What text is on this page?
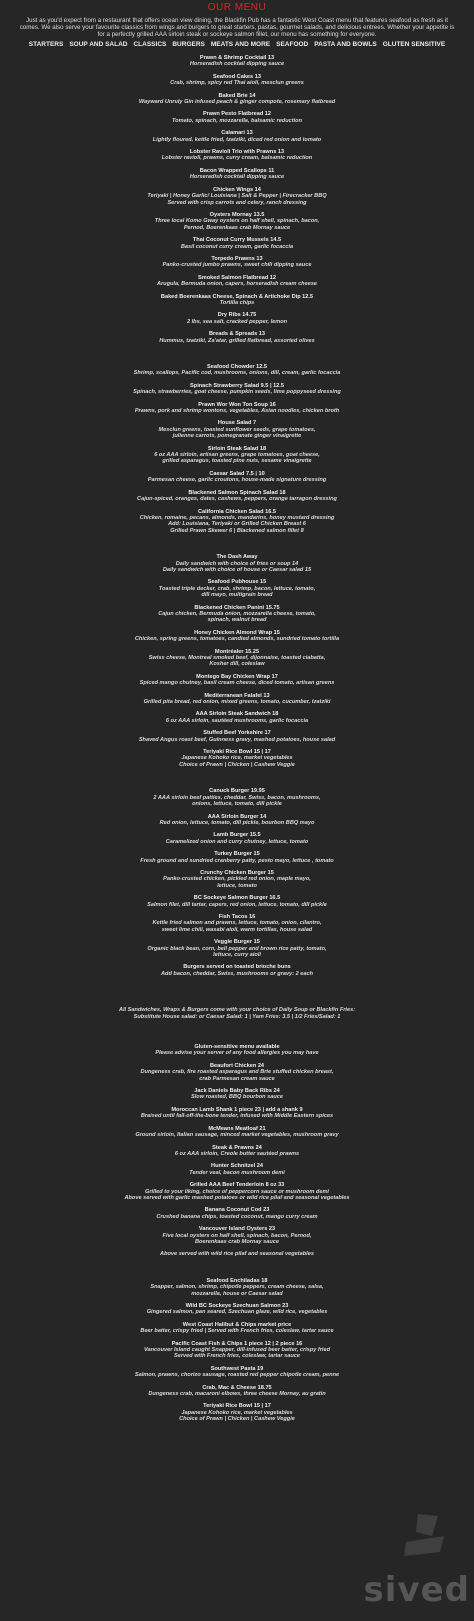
OUR MENU
Just as you'd expect from a restaurant that offers ocean view dining, the Blackfin Pub has a fantastic West Coast menu that features seafood as fresh as it comes. We also serve your favourite classics from wings and burgers to great starters, pastas, gourmet salads, and delicious entrees. Whether your appetite is for a perfectly grilled AAA sirloin steak or sockeye salmon fillet, our menu has something for everyone.
STARTERS SOUP AND SALAD CLASSICS BURGERS MEATS AND MORE SEAFOOD PASTA AND BOWLS GLUTEN SENSITIVE
Prawn & Shrimp Cocktail 13
Horseradish cocktail dipping sauce
Seafood Cakes 13
Crab, shrimp, spicy red Thai aioli, mesclun greens
Baked Brie 14
Wayward Unruly Gin infused peach & ginger compote, rosemary flatbread
Prawn Pesto Flatbread 12
Tomato, spinach, mozzarella, balsamic reduction
Calamari 13
Lightly floured, kettle fried, tzatziki, diced red onion and tomato
Lobster Ravioli Trio with Prawns 13
Lobster ravioli, prawns, curry cream, balsamic reduction
Bacon Wrapped Scallops 11
Horseradish cocktail dipping sauce
Chicken Wings 14
Teriyaki | Honey Garlic/ Louisiana | Salt & Pepper | Firecracker BBQ
Served with crisp carrots and celery, ranch dressing
Oysters Mornay 13.5
Three local Komo Gway oysters on half shell, spinach, bacon,
Pernod, Boerenkaas crab Mornay sauce
Thai Coconut Curry Mussels 14.5
Basil coconut curry cream, garlic focaccia
Torpedo Prawns 13
Panko-crusted jumbo prawns, sweet chili dipping sauce
Smoked Salmon Flatbread 12
Arugula, Bermuda onion, capers, horseradish cream cheese
Baked Boerenkaas Cheese, Spinach & Artichoke Dip 12.5
Tortilla chips
Dry Ribs 14.75
2 lbs, sea salt, cracked pepper, lemon
Breads & Spreads 13
Hummus, tzatziki, Za'atar, grilled flatbread, assorted olives
Seafood Chowder 12.5
Shrimp, scallops, Pacific cod, mushrooms, onions, dill, cream, garlic focaccia
Spinach Strawberry Salad 9.5 | 12.5
Spinach, strawberries, goat cheese, pumpkin seeds, lime poppyseed dressing
Prawn Wor Won Ton Soup 16
Prawns, pork and shrimp wontons, vegetables, Asian noodles, chicken broth
House Salad 7
Mesclun greens, toasted sunflower seeds, grape tomatoes,
julienne carrots, pomegranate ginger vinaigrette
Sirloin Steak Salad 18
6 oz AAA sirloin, artisan greens, grape tomatoes, goat cheese,
grilled asparagus, toasted pine nuts, sesame vinaigrette
Caesar Salad 7.5 | 10
Parmesan cheese, garlic croutons, house-made signature dressing
Blackened Salmon Spinach Salad 18
Cajun-spiced, oranges, dates, cashews, peppers, orange tarragon dressing
California Chicken Salad 16.5
Chicken, romaine, pecans, almonds, mandarins, honey mustard dressing
Add: Louisiana, Teriyaki or Grilled Chicken Breast 6
Grilled Prawn Skewer 6 | Blackened salmon fillet 8
The Dash Away
Daily sandwich with choice of fries or soup 14
Daily sandwich with choice of house or Caesar salad 15
Seafood Pubhouse 15
Toasted triple decker, crab, shrimp, bacon, lettuce, tomato,
dill mayo, multigrain bread
Blackened Chicken Panini 15.75
Cajun chicken, Bermuda onion, mozzarella cheese, tomato,
spinach, walnut bread
Honey Chicken Almond Wrap 15
Chicken, spring greens, tomatoes, candied almonds, sundried tomato tortilla
Montréaler 15.25
Swiss cheese, Montreal smoked beef, dijonnaise, toasted ciabatta,
Kosher dill, coleslaw
Montego Bay Chicken Wrap 17
Spiced mango chutney, basil cream cheese, diced tomato, artisan greens
Mediterranean Falafel 13
Grilled pita bread, red onion, mixed greens, tomato, cucumber, tzatziki
AAA Sirloin Steak Sandwich 18
6 oz AAA sirloin, sautéed mushrooms, garlic focaccia
Stuffed Beef Yorkshire 17
Shaved Angus roast beef, Guinness gravy, mashed potatoes, house salad
Teriyaki Rice Bowl 15 | 17
Japanese Kohoko rice, market vegetables
Choice of Prawn | Chicken | Cashew Veggie
Canuck Burger 19.95
2 AAA sirloin beef patties, cheddar, Swiss, bacon, mushrooms,
onions, lettuce, tomato, dill pickle
AAA Sirloin Burger 14
Red onion, lettuce, tomato, dill pickle, bourbon BBQ mayo
Lamb Burger 15.5
Caramelized onion and curry chutney, lettuce, tomato
Turkey Burger 15
Fresh ground and sundried cranberry patty, pesto mayo, lettuce , tomato
Crunchy Chicken Burger 15
Panko-crusted chicken, pickled red onion, maple mayo,
lettuce, tomato
BC Sockeye Salmon Burger 16.5
Salmon filet, dill tartar, capers, red onion, lettuce, tomato, dill pickle
Fish Tacos 16
Kettle fried salmon and prawns, lettuce, tomato, onion, cilantro,
sweet lime chili, wasabi aioli, warm tortillas, house salad
Veggie Burger 15
Organic black bean, corn, bell pepper and brown rice patty, tomato,
lettuce, curry aioli
Burgers served on toasted brioche buns
Add bacon, cheddar, Swiss, mushrooms or gravy: 2 each
All Sandwiches, Wraps & Burgers come with your choice of Daily Soup or Blackfin Fries:
Substitute House salad: or Caesar Salad: 1 | Yam Fries: 3.5 | 1/2 Fries/Salad: 1
Gluten-sensitive menu available
Please advise your server of any food allergies you may have
Beaufort Chicken 24
Dungeness crab, fire roasted asparagus and Brie stuffed chicken breast,
crab Parmesan cream sauce
Jack Daniels Baby Back Ribs 24
Slow roasted, BBQ bourbon sauce
Moroccan Lamb Shank 1 piece 23 | add a shank 9
Braised until fall-off-the-bone tender, infused with Middle Eastern spices
McMeans Meatloaf 21
Ground sirloin, Italian sausage, minced market vegetables, mushroom gravy
Steak & Prawns 24
6 oz AAA sirloin, Creole butter sautéed prawns
Hunter Schnitzel 24
Tender veal, bacon mushroom demi
Grilled AAA Beef Tenderloin 8 oz 33
Grilled to your liking, choice of peppercorn sauce or mushroom demi
Above served with garlic mashed potatoes or wild rice pilaf and seasonal vegetables
Banana Coconut Cod 23
Crushed banana chips, toasted coconut, mango curry cream
Vancouver Island Oysters 23
Five local oysters on half shell, spinach, bacon, Pernod,
Boerenkaas crab Mornay sauce
Above served with wild rice pilaf and seasonal vegetables
Seafood Enchiladas 18
Snapper, salmon, shrimp, chipotle peppers, cream cheese, salsa,
mozzarella, house or Caesar salad
Wild BC Sockeye Szechuan Salmon 23
Gingered salmon, pan seared, Szechuan glaze, wild rice, vegetables
West Coast Halibut & Chips market price
Beer batter, crispy fried | Served with French fries, coleslaw, tartar sauce
Pacific Coast Fish & Chips 1 piece 12 | 2 piece 16
Vancouver Island caught Snapper, dill-infused beer batter, crispy fried
Served with French fries, coleslaw, tartar sauce
Southwest Pasta 19
Salmon, prawns, chorizo sausage, roasted red pepper chipotle cream, penne
Crab, Mac & Cheese 18.75
Dungeness crab, macaroni elbows, three cheese Mornay, au gratin
Teriyaki Rice Bowl 15 | 17
Japanese Kohoko rice, market vegetables
Choice of Prawn | Chicken | Cashew Veggie
sived
